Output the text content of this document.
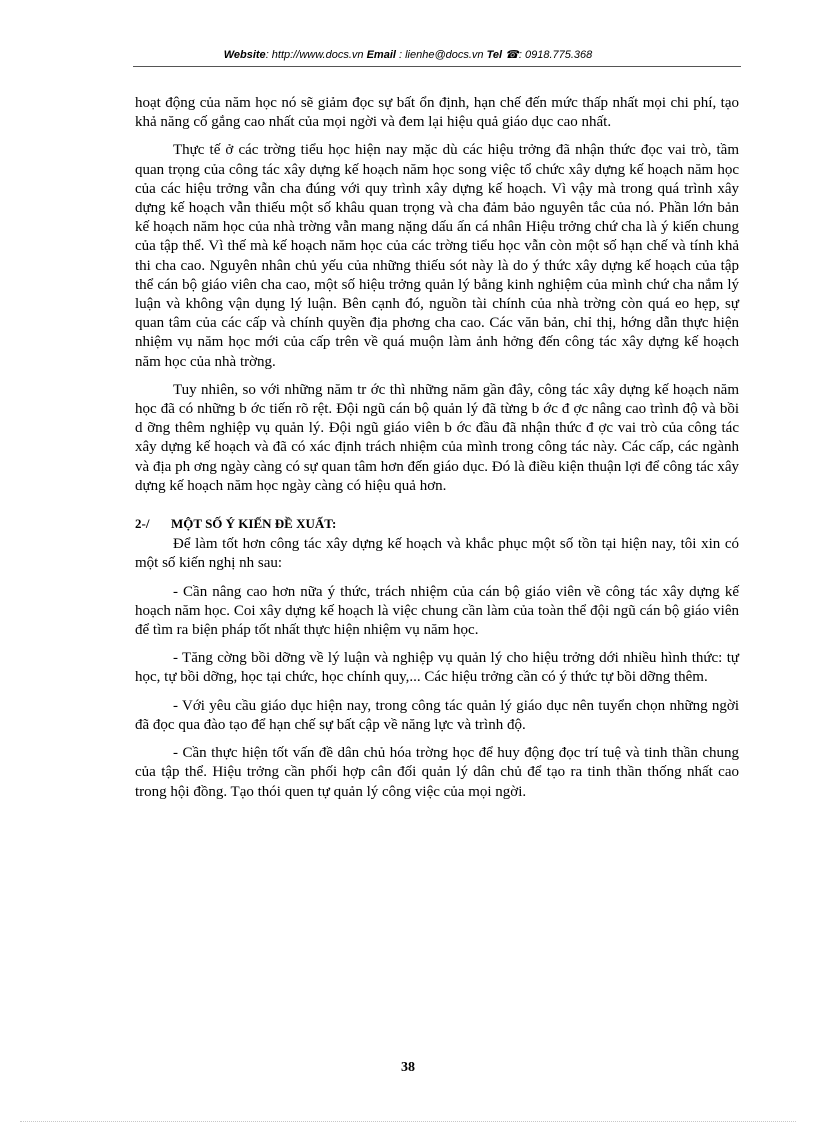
Website: http://www.docs.vn Email : lienhe@docs.vn Tel ☎: 0918.775.368

hoạt động của năm học nó sẽ giảm đọc sự bất ổn định, hạn chế đến mức thấp nhất mọi chi phí, tạo khả năng cố gắng cao nhất của mọi ngời và đem lại hiệu quả giáo dục cao nhất.

Thực tế ở các trờng tiểu học hiện nay mặc dù các hiệu trởng đã nhận thức đọc vai trò, tầm quan trọng của công tác xây dựng kế hoạch năm học song việc tổ chức xây dựng kế hoạch năm học của các hiệu trởng vẫn cha đúng với quy trình xây dựng kế hoạch. Vì vậy mà trong quá trình xây dựng kế hoạch vẫn thiếu một số khâu quan trọng và cha đảm bảo nguyên tắc của nó. Phần lớn bản kế hoạch năm học của nhà trờng vẫn mang nặng dấu ấn cá nhân Hiệu trởng chứ cha là ý kiến chung của tập thể. Vì thế mà kế hoạch năm học của các trờng tiểu học vẫn còn một số hạn chế và tính khả thi cha cao. Nguyên nhân chủ yếu của những thiếu sót này là do ý thức xây dựng kế hoạch của tập thể cán bộ giáo viên cha cao, một số hiệu trởng quản lý bằng kinh nghiệm của mình chứ cha nắm lý luận và không vận dụng lý luận. Bên cạnh đó, nguồn tài chính của nhà trờng còn quá eo hẹp, sự quan tâm của các cấp và chính quyền địa phơng cha cao. Các văn bản, chỉ thị, hớng dẫn thực hiện nhiệm vụ năm học mới của cấp trên về quá muộn làm ảnh hởng đến công tác xây dựng kế hoạch năm học của nhà trờng.

Tuy nhiên, so với những năm tr ớc thì những năm gần đây, công tác xây dựng kế hoạch năm học đã có những b ớc tiến rõ rệt. Đội ngũ cán bộ quản lý đã từng b ớc đ ợc nâng cao trình độ và bồi d ỡng thêm nghiệp vụ quản lý. Đội ngũ giáo viên b ớc đầu đã nhận thức đ ợc vai trò của công tác xây dựng kế hoạch và đã có xác định trách nhiệm của mình trong công tác này. Các cấp, các ngành và địa ph ơng ngày càng có sự quan tâm hơn đến giáo dục. Đó là điều kiện thuận lợi để công tác xây dựng kế hoạch năm học ngày càng có hiệu quả hơn.

2-/ MỘT SỐ Ý KIẾN ĐỀ XUẤT:

Để làm tốt hơn công tác xây dựng kế hoạch và khắc phục một số tồn tại hiện nay, tôi xin có một số kiến nghị nh sau:

- Cần nâng cao hơn nữa ý thức, trách nhiệm của cán bộ giáo viên về công tác xây dựng kế hoạch năm học. Coi xây dựng kế hoạch là việc chung cần làm của toàn thể đội ngũ cán bộ giáo viên để tìm ra biện pháp tốt nhất thực hiện nhiệm vụ năm học.

- Tăng cờng bồi dỡng về lý luận và nghiệp vụ quản lý cho hiệu trởng dới nhiều hình thức: tự học, tự bồi dỡng, học tại chức, học chính quy,... Các hiệu trởng cần có ý thức tự bồi dỡng thêm.

- Với yêu cầu giáo dục hiện nay, trong công tác quản lý giáo dục nên tuyển chọn những ngời đã đọc qua đào tạo để hạn chế sự bất cập về năng lực và trình độ.

- Cần thực hiện tốt vấn đề dân chủ hóa trờng học để huy động đọc trí tuệ và tinh thần chung của tập thể. Hiệu trởng cần phối hợp cân đối quản lý dân chủ để tạo ra tinh thần thống nhất cao trong hội đồng. Tạo thói quen tự quản lý công việc của mọi ngời.

38
